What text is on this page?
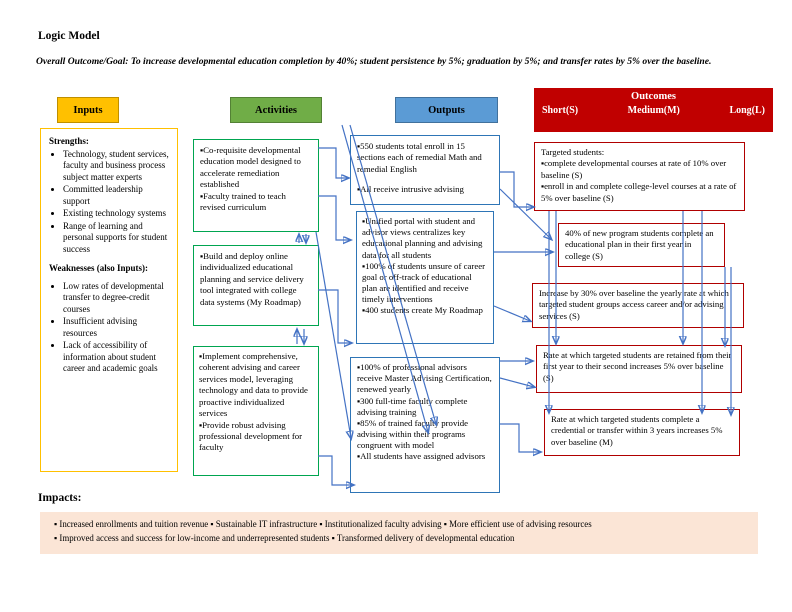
Logic Model
Overall Outcome/Goal: To increase developmental education completion by 40%; student persistence by 5%; graduation by 5%; and transfer rates by 5% over the baseline.
Inputs	Activities	Outputs
Outcomes
Short(S)	Medium(M)	Long(L)
Strengths:
• Technology, student services, faculty and business process subject matter experts
• Committed leadership support
• Existing technology systems
• Range of learning and personal supports for student success
Weaknesses (also Inputs):
• Low rates of developmental transfer to degree-credit courses
• Insufficient advising resources
• Lack of accessibility of information about student career and academic goals
▪Co-requisite developmental education model designed to accelerate remediation established
▪Faculty trained to teach revised curriculum
▪Build and deploy online individualized educational planning and service delivery tool integrated with college data systems (My Roadmap)
▪Implement comprehensive, coherent advising and career services model, leveraging technology and data to provide proactive individualized services
▪Provide robust advising professional development for faculty
▪550 students total enroll in 15 sections each of remedial Math and remedial English
▪All receive intrusive advising
▪Unified portal with student and advisor views centralizes key educational planning and advising data for all students
▪100% of students unsure of career goal or off-track of educational plan are identified and receive timely interventions
▪400 students create My Roadmap
▪100% of professional advisors receive Master Advising Certification, renewed yearly
▪300 full-time faculty complete advising training
▪85% of trained faculty provide advising within their programs congruent with model
▪All students have assigned advisors
Targeted students:
▪complete developmental courses at rate of 10% over baseline (S)
▪enroll in and complete college-level courses at a rate of 5% over baseline (S)
40% of new program students complete an educational plan in their first year in college (S)
Increase by 30% over baseline the yearly rate at which targeted student groups access career and/or advising services (S)
Rate at which targeted students are retained from their first year to their second increases 5% over baseline (S)
Rate at which targeted students complete a credential or transfer within 3 years increases 5% over baseline (M)
Impacts:
▪ Increased enrollments and tuition revenue ▪ Sustainable IT infrastructure ▪ Institutionalized faculty advising ▪ More efficient use of advising resources
▪ Improved access and success for low-income and underrepresented students ▪ Transformed delivery of developmental education
